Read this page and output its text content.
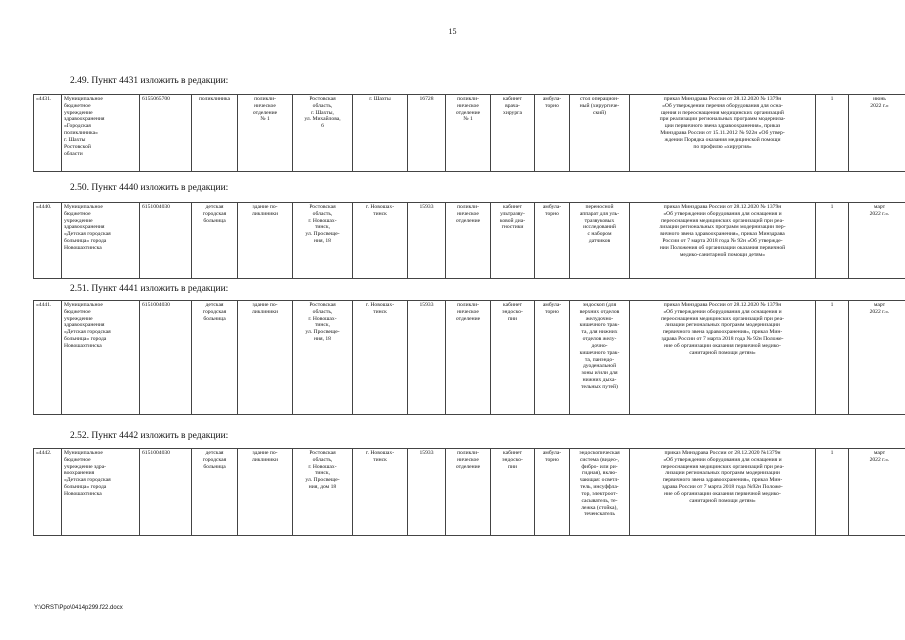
15
2.49. Пункт 4431 изложить в редакции:
«4431.	Муниципальное
бюджетное
учреждение
здравоохранения
«Городская
поликлиника»
г. Шахты
Ростовской
области	6155065700	поликлиника	поликли-
ническое
отделение
№ 1	Ростовская
область,
г. Шахты,
ул. Михайлова,
6	г. Шахты	16728	поликли-
ническое
отделение
№ 1	кабинет
врача-
хирурга	амбула-
торно	стол операцион-
ный (хирургиче-
ский)	приказ Минздрава России от 28.12.2020 № 1379н
«Об утверждении перечня оборудования для осна-
щения и переоснащения медицинских организаций
при реализации региональных программ модерниза-
ции первичного звена здравоохранения», приказ
Минздрава России от 15.11.2012 № 922н «Об утвер-
ждении Порядка оказания медицинской помощи
по профилю «хирургия»	1	июнь
2022 г.»
2.50. Пункт 4440 изложить в редакции:
«4440.	Муниципальное
бюджетное
учреждение
здравоохранения
«Детская городская
больница» города
Новошахтинска	6151004030	детская
городская
больница	здание по-
ликлиники	Ростовская
область,
г. Новошах-
тинск,
ул. Просвеще-
ния, 18	г. Новошах-
тинск	15933	поликли-
ническое
отделение	кабинет
ультразву-
ковой диа-
гностики	амбула-
торно	переносной
аппарат для уль-
тразвуковых
исследований
с набором
датчиков	приказ Минздрава России от 28.12.2020 № 1379н
«Об утверждении оборудования для оснащения и
переоснащения медицинских организаций при реа-
лизации региональных программ модернизации пер-
вичного звена здравоохранения», приказ Минздрава
России от 7 марта 2018 года № 92н «Об утвержде-
нии Положения об организации оказания первичной
медико-санитарной помощи детям»	1	март
2022 г.».
2.51. Пункт 4441 изложить в редакции:
«4441.	Муниципальное
бюджетное
учреждение
здравоохранения
«Детская городская
больница» города
Новошахтинска	6151004030	детская
городская
больница	здание по-
ликлиники	Ростовская
область,
г. Новошах-
тинск,
ул. Просвеще-
ния, 18	г. Новошах-
тинск	15933	поликли-
ническое
отделение	кабинет
эндоско-
пии	амбула-
торно	эндоскоп (для
верхних отделов
желудочно-
кишечного трак-
та, для нижних
отделов желу-
дочно-
кишечного трак-
та, панэндо-
дуоденальной
зоны и/или для
нижних дыха-
тельных путей)	приказ Минздрава России от 28.12.2020 № 1379н
«Об утверждении оборудования для оснащения и
переоснащения медицинских организаций при реа-
лизации региональных программ модернизации
первичного звена здравоохранения», приказ Мин-
здрава России от 7 марта 2018 года № 92н Положе-
ние об организации оказания первичной медико-
санитарной помощи детям»	1	март
2022 г.».
2.52. Пункт 4442 изложить в редакции:
«4442.	Муниципальное
бюджетное
учреждение здра-
воохранения
«Детская городская
больница» города
Новошахтинска	6151004030	детская
городская
больница	здание по-
ликлиники	Ростовская
область,
г. Новошах-
тинск,
ул. Просвеще-
ния, дом 18	г. Новошах-
тинск	15933	поликли-
ническое
отделение	кабинет
эндоско-
пии	амбула-
торно	эндоскопическая
система (видео-,
фибро- или ри-
гидная), вклю-
чающая: осветл-
тель, инсуффла-
тор, электроот-
сасыватель, те-
лежка (стойка),
теченскатель	приказ Минздрава России от 28.12.2020 №1379н
«Об утверждении оборудования для оснащения и
переоснащения медицинских организаций при реа-
лизации региональных программ модернизации
первичного звена здравоохранения», приказ Мин-
здрава России от 7 марта 2018 года №92н Положе-
ние об организации оказания первичной медико-
санитарной помощи детям»	1	март
2022 г.».
Y:\ORST\Ppo\0414p299.f22.docx
